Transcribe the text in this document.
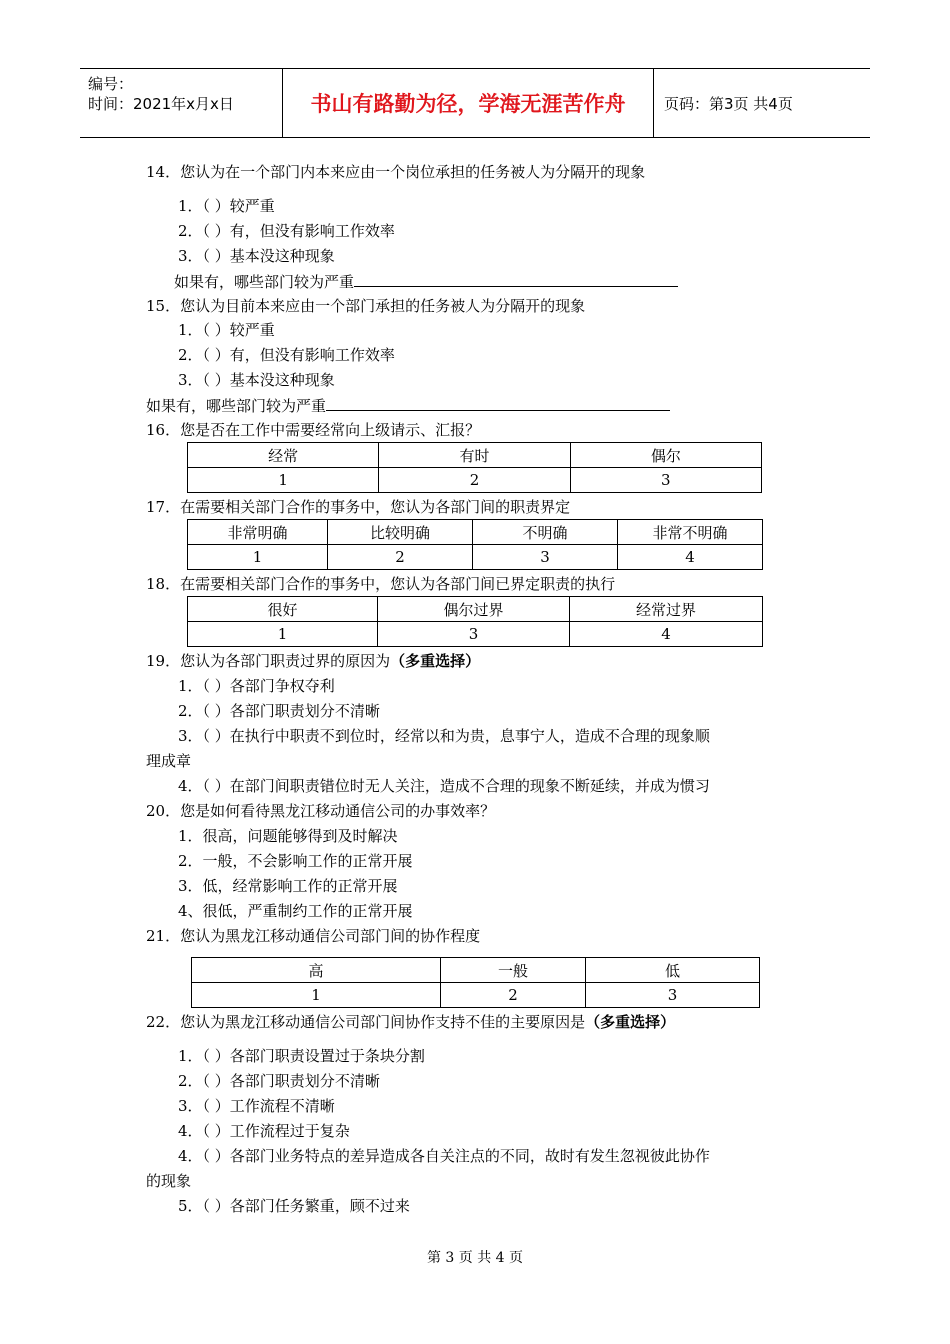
编号：
时间：2021年x月x日	书山有路勤为径，学海无涯苦作舟	页码：第3页 共4页
14．您认为在一个部门内本来应由一个岗位承担的任务被人为分隔开的现象
1．（ ）较严重
2．（ ）有，但没有影响工作效率
3．（ ）基本没这种现象
如果有，哪些部门较为严重
15．您认为目前本来应由一个部门承担的任务被人为分隔开的现象
1．（ ）较严重
2．（ ）有，但没有影响工作效率
3．（ ）基本没这种现象
如果有，哪些部门较为严重
16．您是否在工作中需要经常向上级请示、汇报？
经常	有时	偶尔
1	2	3
17．在需要相关部门合作的事务中，您认为各部门间的职责界定
非常明确	比较明确	不明确	非常不明确
1	2	3	4
18．在需要相关部门合作的事务中，您认为各部门间已界定职责的执行
很好	偶尔过界	经常过界
1	3	4
19．您认为各部门职责过界的原因为（多重选择）
1．（ ）各部门争权夺利
2．（ ）各部门职责划分不清晰
3．（ ）在执行中职责不到位时，经常以和为贵，息事宁人，造成不合理的现象顺
理成章
4．（ ）在部门间职责错位时无人关注，造成不合理的现象不断延续，并成为惯习
20．您是如何看待黑龙江移动通信公司的办事效率？
1．很高，问题能够得到及时解决
2．一般，不会影响工作的正常开展
3．低，经常影响工作的正常开展
4、很低，严重制约工作的正常开展
21．您认为黑龙江移动通信公司部门间的协作程度
高	一般	低
1	2	3
22．您认为黑龙江移动通信公司部门间协作支持不佳的主要原因是（多重选择）
1．（ ）各部门职责设置过于条块分割
2．（ ）各部门职责划分不清晰
3．（ ）工作流程不清晰
4．（ ）工作流程过于复杂
4．（ ）各部门业务特点的差异造成各自关注点的不同，故时有发生忽视彼此协作
的现象
5．（ ）各部门任务繁重，顾不过来
第 3 页 共 4 页
